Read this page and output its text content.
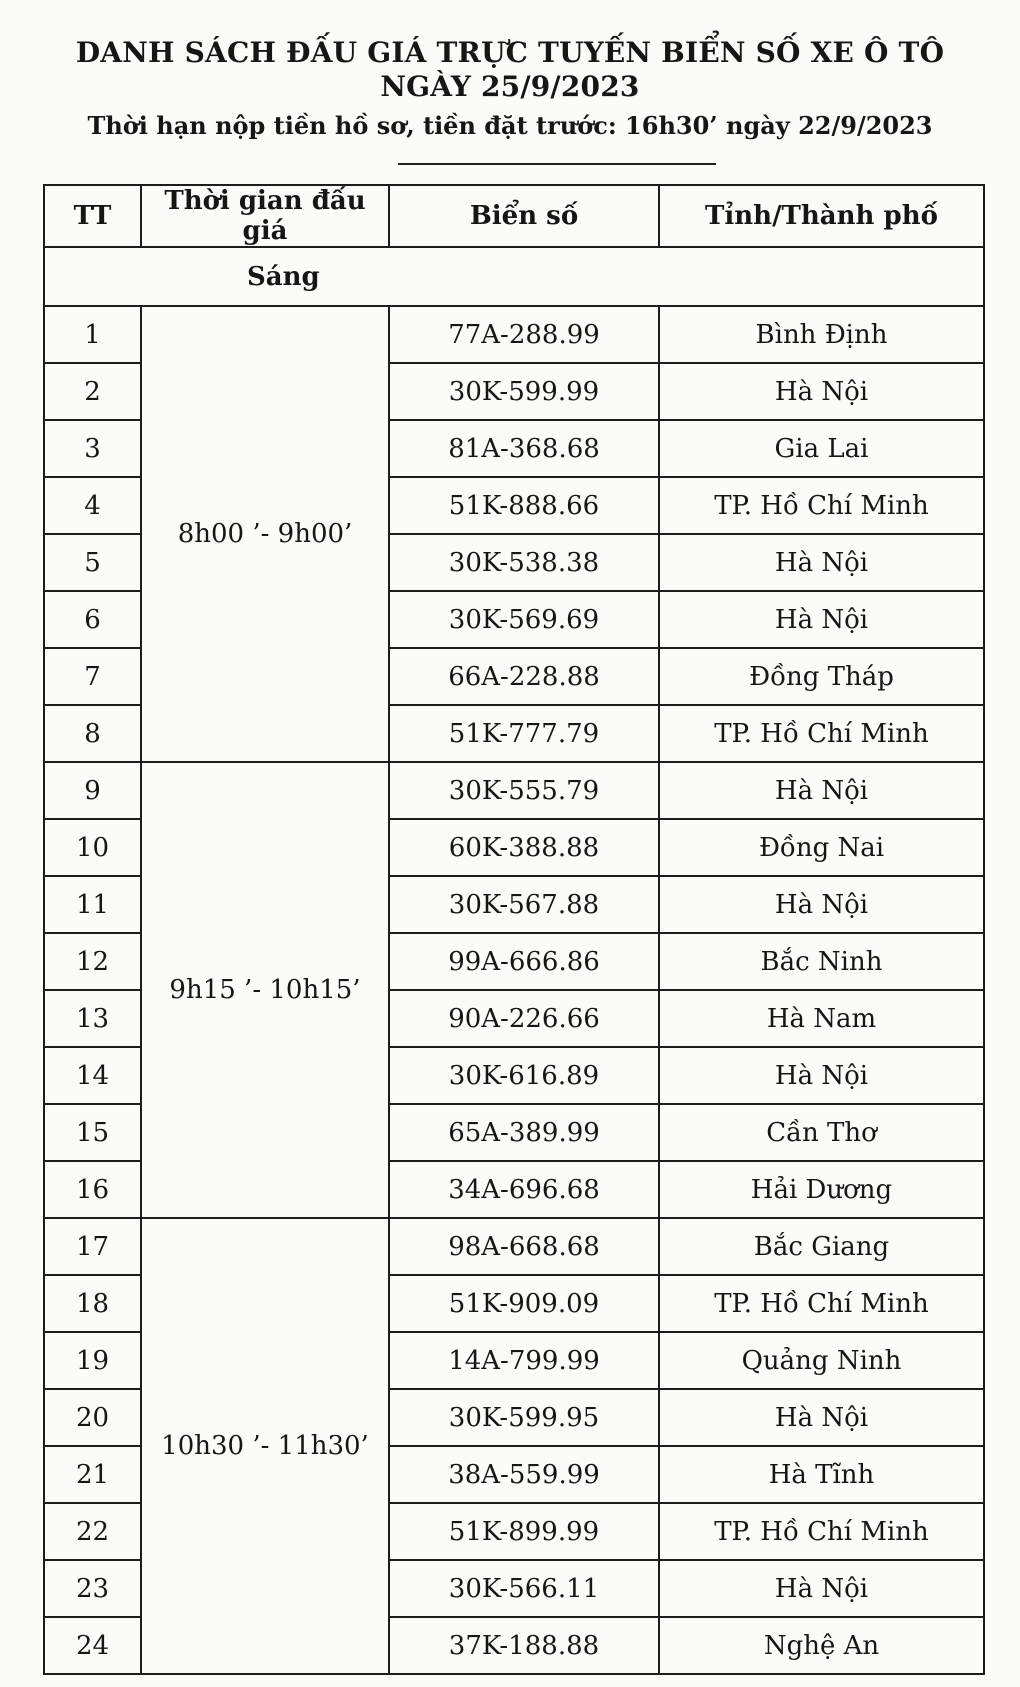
DANH SÁCH ĐẤU GIÁ TRỰC TUYẾN BIỂN SỐ XE Ô TÔ
NGÀY 25/9/2023
Thời hạn nộp tiền hồ sơ, tiền đặt trước: 16h30’ ngày 22/9/2023
TT	Thời gian đấu giá	Biển số	Tỉnh/Thành phố
Sáng			
1	8h00 ’- 9h00’	77A-288.99	Bình Định
2		30K-599.99	Hà Nội
3		81A-368.68	Gia Lai
4		51K-888.66	TP. Hồ Chí Minh
5		30K-538.38	Hà Nội
6		30K-569.69	Hà Nội
7		66A-228.88	Đồng Tháp
8		51K-777.79	TP. Hồ Chí Minh
9	9h15 ’- 10h15’	30K-555.79	Hà Nội
10		60K-388.88	Đồng Nai
11		30K-567.88	Hà Nội
12		99A-666.86	Bắc Ninh
13		90A-226.66	Hà Nam
14		30K-616.89	Hà Nội
15		65A-389.99	Cần Thơ
16		34A-696.68	Hải Dương
17	10h30 ’- 11h30’	98A-668.68	Bắc Giang
18		51K-909.09	TP. Hồ Chí Minh
19		14A-799.99	Quảng Ninh
20		30K-599.95	Hà Nội
21		38A-559.99	Hà Tĩnh
22		51K-899.99	TP. Hồ Chí Minh
23		30K-566.11	Hà Nội
24		37K-188.88	Nghệ An
